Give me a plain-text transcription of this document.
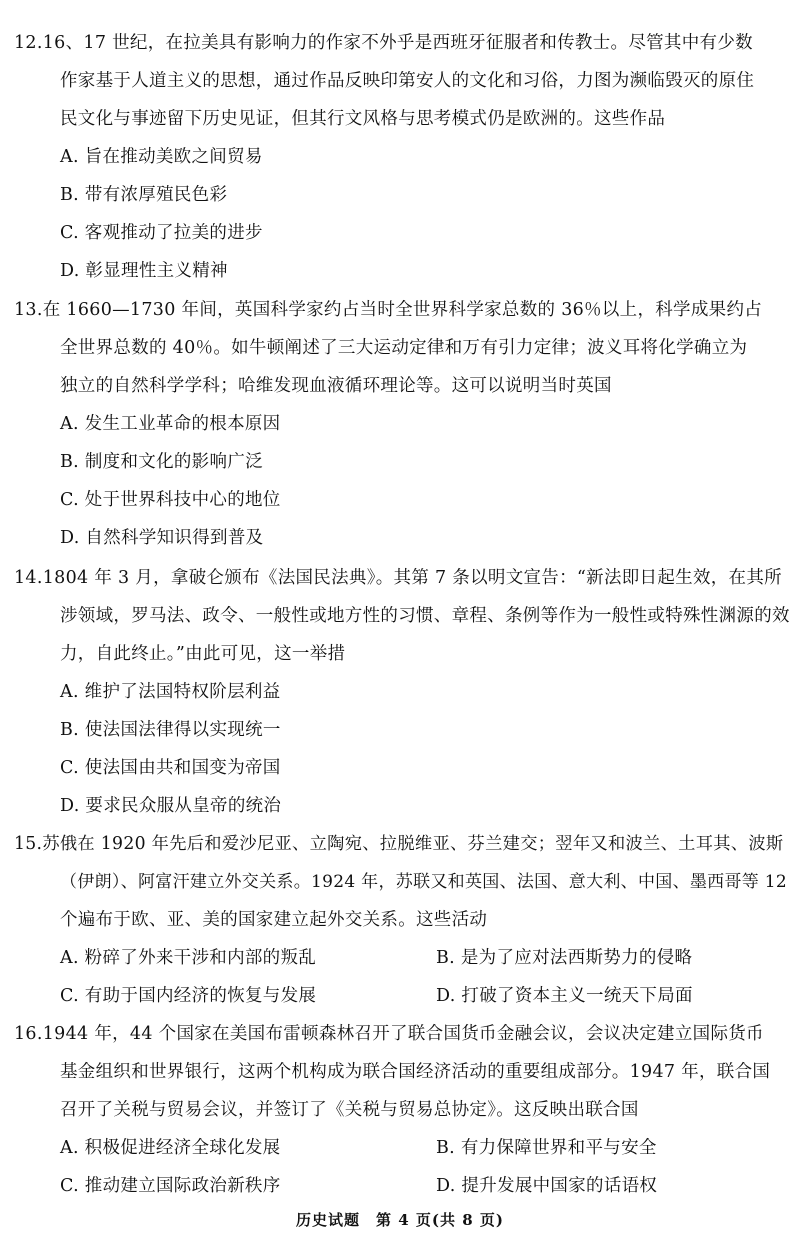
12.16、17 世纪，在拉美具有影响力的作家不外乎是西班牙征服者和传教士。尽管其中有少数
作家基于人道主义的思想，通过作品反映印第安人的文化和习俗，力图为濒临毁灭的原住
民文化与事迹留下历史见证，但其行文风格与思考模式仍是欧洲的。这些作品
A. 旨在推动美欧之间贸易
B. 带有浓厚殖民色彩
C. 客观推动了拉美的进步
D. 彰显理性主义精神
13.在 1660—1730 年间，英国科学家约占当时全世界科学家总数的 36％以上，科学成果约占
全世界总数的 40％。如牛顿阐述了三大运动定律和万有引力定律；波义耳将化学确立为
独立的自然科学学科；哈维发现血液循环理论等。这可以说明当时英国
A. 发生工业革命的根本原因
B. 制度和文化的影响广泛
C. 处于世界科技中心的地位
D. 自然科学知识得到普及
14.1804 年 3 月，拿破仑颁布《法国民法典》。其第 7 条以明文宣告：“新法即日起生效，在其所
涉领域，罗马法、政令、一般性或地方性的习惯、章程、条例等作为一般性或特殊性渊源的效
力，自此终止。”由此可见，这一举措
A. 维护了法国特权阶层利益
B. 使法国法律得以实现统一
C. 使法国由共和国变为帝国
D. 要求民众服从皇帝的统治
15.苏俄在 1920 年先后和爱沙尼亚、立陶宛、拉脱维亚、芬兰建交；翌年又和波兰、土耳其、波斯
（伊朗）、阿富汗建立外交关系。1924 年，苏联又和英国、法国、意大利、中国、墨西哥等 12
个遍布于欧、亚、美的国家建立起外交关系。这些活动
A. 粉碎了外来干涉和内部的叛乱	B. 是为了应对法西斯势力的侵略
C. 有助于国内经济的恢复与发展	D. 打破了资本主义一统天下局面
16.1944 年，44 个国家在美国布雷顿森林召开了联合国货币金融会议，会议决定建立国际货币
基金组织和世界银行，这两个机构成为联合国经济活动的重要组成部分。1947 年，联合国
召开了关税与贸易会议，并签订了《关税与贸易总协定》。这反映出联合国
A. 积极促进经济全球化发展	B. 有力保障世界和平与安全
C. 推动建立国际政治新秩序	D. 提升发展中国家的话语权
历史试题　第 4 页(共 8 页)
